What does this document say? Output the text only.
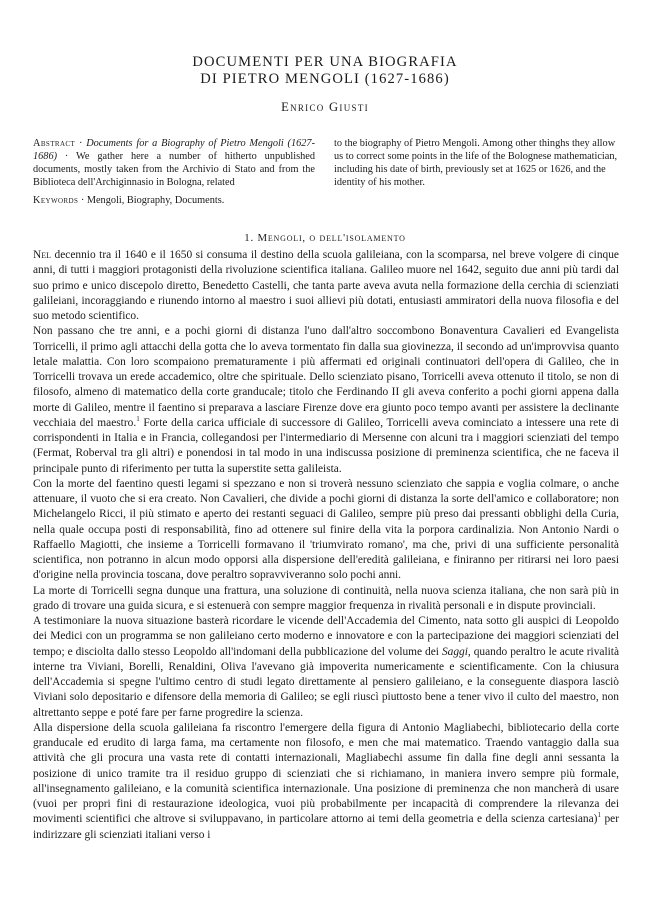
DOCUMENTI PER UNA BIOGRAFIA
DI PIETRO MENGOLI (1627-1686)
Enrico Giusti
Abstract · Documents for a Biography of Pietro Mengoli (1627-1686) · We gather here a number of hitherto unpublished documents, mostly taken from the Archivio di Stato and from the Biblioteca dell'Archiginnasio in Bologna, related
to the biography of Pietro Mengoli. Among other thinghs they allow us to correct some points in the life of the Bolognese mathematician, including his date of birth, previously set at 1625 or 1626, and the identity of his mother.
Keywords · Mengoli, Biography, Documents.
1. Mengoli, o dell'isolamento

Nel decennio tra il 1640 e il 1650 si consuma il destino della scuola galileiana, con la scomparsa, nel breve volgere di cinque anni, di tutti i maggiori protagonisti della rivoluzione scientifica italiana. Galileo muore nel 1642, seguito due anni più tardi dal suo primo e unico discepolo diretto, Benedetto Castelli, che tanta parte aveva avuta nella formazione della cerchia di scienziati galileiani, incoraggiando e riunendo intorno al maestro i suoi allievi più dotati, entusiasti ammiratori della nuova filosofia e del suo metodo scientifico.

Non passano che tre anni, e a pochi giorni di distanza l'uno dall'altro soccombono Bonaventura Cavalieri ed Evangelista Torricelli, il primo agli attacchi della gotta che lo aveva tormentato fin dalla sua giovinezza, il secondo ad un'improvvisa quanto letale malattia. Con loro scompaiono prematuramente i più affermati ed originali continuatori dell'opera di Galileo, che in Torricelli trovava un erede accademico, oltre che spirituale. Dello scienziato pisano, Torricelli aveva ottenuto il titolo, se non di filosofo, almeno di matematico della corte granducale; titolo che Ferdinando II gli aveva conferito a pochi giorni appena dalla morte di Galileo, mentre il faentino si preparava a lasciare Firenze dove era giunto poco tempo avanti per assistere la declinante vecchiaia del maestro.$^1$ Forte della carica ufficiale di successore di Galileo, Torricelli aveva cominciato a intessere una rete di corrispondenti in Italia e in Francia, collegandosi per l'intermediario di Mersenne con alcuni tra i maggiori scienziati del tempo (Fermat, Roberval tra gli altri) e ponendosi in tal modo in una indiscussa posizione di preminenza scientifica, che ne faceva il principale punto di riferimento per tutta la superstite setta galileista.

Con la morte del faentino questi legami si spezzano e non si troverà nessuno scienziato che sappia e voglia colmare, o anche attenuare, il vuoto che si era creato. Non Cavalieri, che divide a pochi giorni di distanza la sorte dell'amico e collaboratore; non Michelangelo Ricci, il più stimato e aperto dei restanti seguaci di Galileo, sempre più preso dai pressanti obblighi della Curia, nella quale occupa posti di responsabilità, fino ad ottenere sul finire della vita la porpora cardinalizia. Non Antonio Nardi o Raffaello Magiotti, che insieme a Torricelli formavano il 'triumvirato romano', ma che, privi di una sufficiente personalità scientifica, non potranno in alcun modo opporsi alla dispersione dell'eredità galileiana, e finiranno per ritirarsi nei loro paesi d'origine nella provincia toscana, dove peraltro sopravviveranno solo pochi anni.

La morte di Torricelli segna dunque una frattura, una soluzione di continuità, nella nuova scienza italiana, che non sarà più in grado di trovare una guida sicura, e si estenuerà con sempre maggior frequenza in rivalità personali e in dispute provinciali.

A testimoniare la nuova situazione basterà ricordare le vicende dell'Accademia del Cimento, nata sotto gli auspici di Leopoldo dei Medici con un programma se non galileiano certo moderno e innovatore e con la partecipazione dei maggiori scienziati del tempo; e disciolta dallo stesso Leopoldo all'indomani della pubblicazione del volume dei Saggi, quando peraltro le acute rivalità interne tra Viviani, Borelli, Renaldini, Oliva l'avevano già impoverita numericamente e scientificamente. Con la chiusura dell'Accademia si spegne l'ultimo centro di studi legato direttamente al pensiero galileiano, e la conseguente diaspora lasciò Viviani solo depositario e difensore della memoria di Galileo; se egli riuscì piuttosto bene a tener vivo il culto del maestro, non altrettanto seppe e poté fare per farne progredire la scienza.

Alla dispersione della scuola galileiana fa riscontro l'emergere della figura di Antonio Magliabechi, bibliotecario della corte granducale ed erudito di larga fama, ma certamente non filosofo, e men che mai matematico. Traendo vantaggio dalla sua attività che gli procura una vasta rete di contatti internazionali, Magliabechi assume fin dalla fine degli anni sessanta la posizione di unico tramite tra il residuo gruppo di scienziati che si richiamano, in maniera invero sempre più formale, all'insegnamento galileiano, e la comunità scientifica internazionale. Una posizione di preminenza che non mancherà di usare (vuoi per propri fini di restaurazione ideologica, vuoi più probabilmente per incapacità di comprendere la rilevanza dei movimenti scientifici che altrove si sviluppavano, in particolare attorno ai temi della geometria e della scienza cartesiana)$^1$ per indirizzare gli scienziati italiani verso i
